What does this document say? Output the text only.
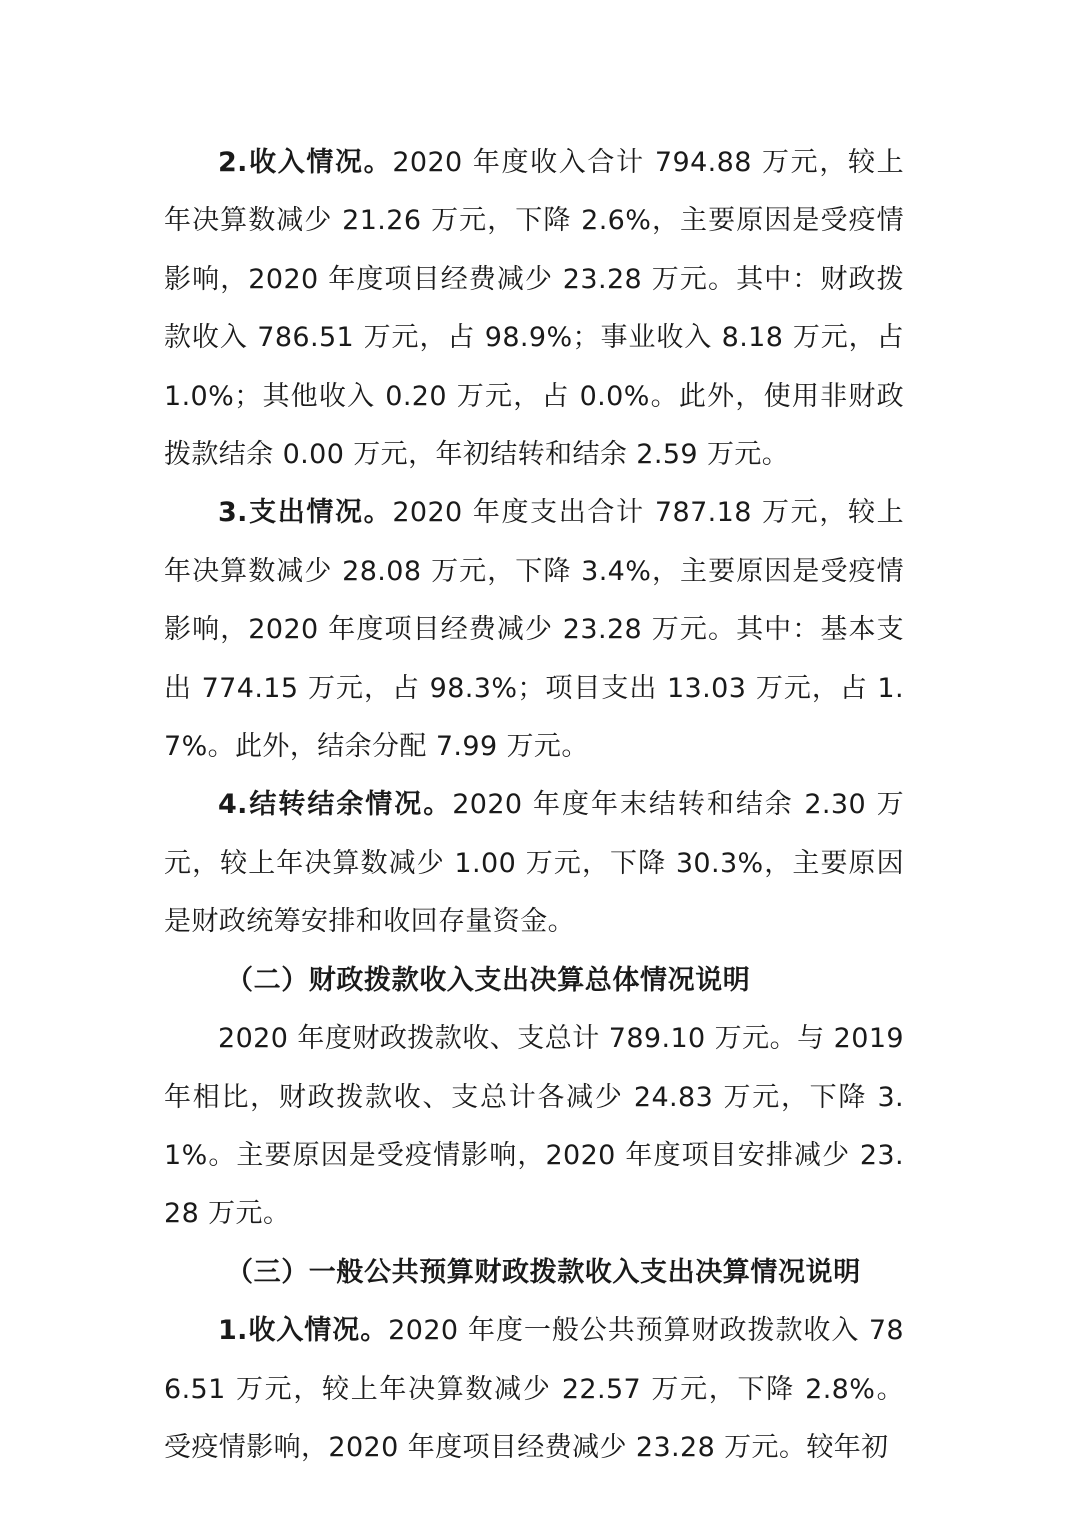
2.收入情况。2020 年度收入合计 794.88 万元，较上年决算数减少 21.26 万元，下降 2.6%，主要原因是受疫情影响，2020 年度项目经费减少 23.28 万元。其中：财政拨款收入 786.51 万元，占 98.9%；事业收入 8.18 万元，占 1.0%；其他收入 0.20 万元，占 0.0%。此外，使用非财政拨款结余 0.00 万元，年初结转和结余 2.59 万元。

3.支出情况。2020 年度支出合计 787.18 万元，较上年决算数减少 28.08 万元，下降 3.4%，主要原因是受疫情影响，2020 年度项目经费减少 23.28 万元。其中：基本支出 774.15 万元，占 98.3%；项目支出 13.03 万元，占 1.7%。此外，结余分配 7.99 万元。

4.结转结余情况。2020 年度年末结转和结余 2.30 万元，较上年决算数减少 1.00 万元，下降 30.3%，主要原因是财政统筹安排和收回存量资金。

（二）财政拨款收入支出决算总体情况说明

2020 年度财政拨款收、支总计 789.10 万元。与 2019 年相比，财政拨款收、支总计各减少 24.83 万元，下降 3.1%。主要原因是受疫情影响，2020 年度项目安排减少 23.28 万元。

（三）一般公共预算财政拨款收入支出决算情况说明

1.收入情况。2020 年度一般公共预算财政拨款收入 786.51 万元，较上年决算数减少 22.57 万元，下降 2.8%。受疫情影响，2020 年度项目经费减少 23.28 万元。较年初
